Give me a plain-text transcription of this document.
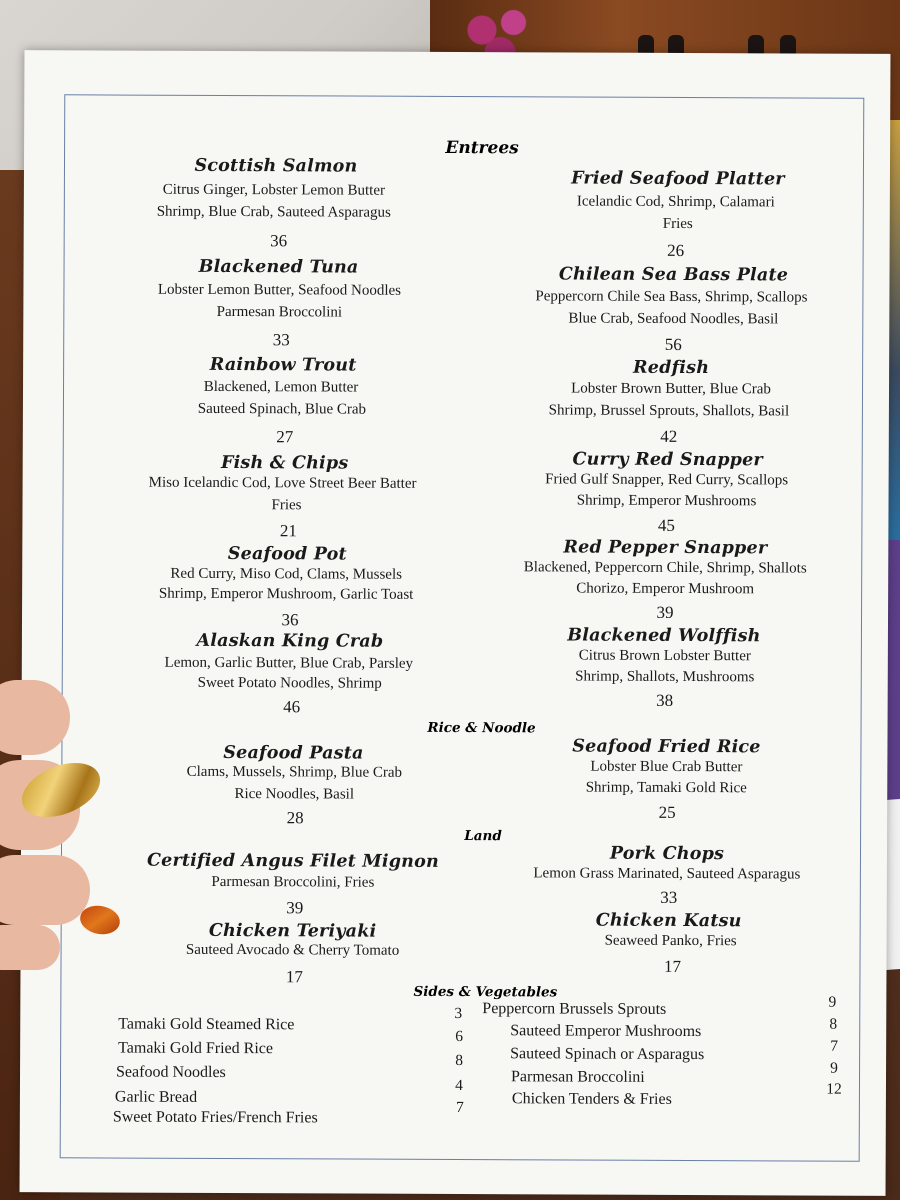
Entrees
Scottish Salmon
Citrus Ginger, Lobster Lemon Butter
Shrimp, Blue Crab, Sauteed Asparagus
36
Blackened Tuna
Lobster Lemon Butter, Seafood Noodles
Parmesan Broccolini
33
Rainbow Trout
Blackened, Lemon Butter
Sauteed Spinach, Blue Crab
27
Fish & Chips
Miso Icelandic Cod, Love Street Beer Batter
Fries
21
Seafood Pot
Red Curry, Miso Cod, Clams, Mussels
Shrimp, Emperor Mushroom, Garlic Toast
36
Alaskan King Crab
Lemon, Garlic Butter, Blue Crab, Parsley
Sweet Potato Noodles, Shrimp
46
Fried Seafood Platter
Icelandic Cod, Shrimp, Calamari
Fries
26
Chilean Sea Bass Plate
Peppercorn Chile Sea Bass, Shrimp, Scallops
Blue Crab, Seafood Noodles, Basil
56
Redfish
Lobster Brown Butter, Blue Crab
Shrimp, Brussel Sprouts, Shallots, Basil
42
Curry Red Snapper
Fried Gulf Snapper, Red Curry, Scallops
Shrimp, Emperor Mushrooms
45
Red Pepper Snapper
Blackened, Peppercorn Chile, Shrimp, Shallots
Chorizo, Emperor Mushroom
39
Blackened Wolffish
Citrus Brown Lobster Butter
Shrimp, Shallots, Mushrooms
38
Rice & Noodle
Seafood Pasta
Clams, Mussels, Shrimp, Blue Crab
Rice Noodles, Basil
28
Seafood Fried Rice
Lobster Blue Crab Butter
Shrimp, Tamaki Gold Rice
25
Land
Certified Angus Filet Mignon
Parmesan Broccolini, Fries
39
Chicken Teriyaki
Sauteed Avocado & Cherry Tomato
17
Pork Chops
Lemon Grass Marinated, Sauteed Asparagus
33
Chicken Katsu
Seaweed Panko, Fries
17
Sides & Vegetables
Tamaki Gold Steamed Rice
3
Tamaki Gold Fried Rice
6
Seafood Noodles
8
Garlic Bread
4
Sweet Potato Fries/French Fries
7
Peppercorn Brussels Sprouts	9
Sauteed Emperor Mushrooms	8
Sauteed Spinach or Asparagus	7
Parmesan Broccolini
9
Chicken Tenders & Fries
12
